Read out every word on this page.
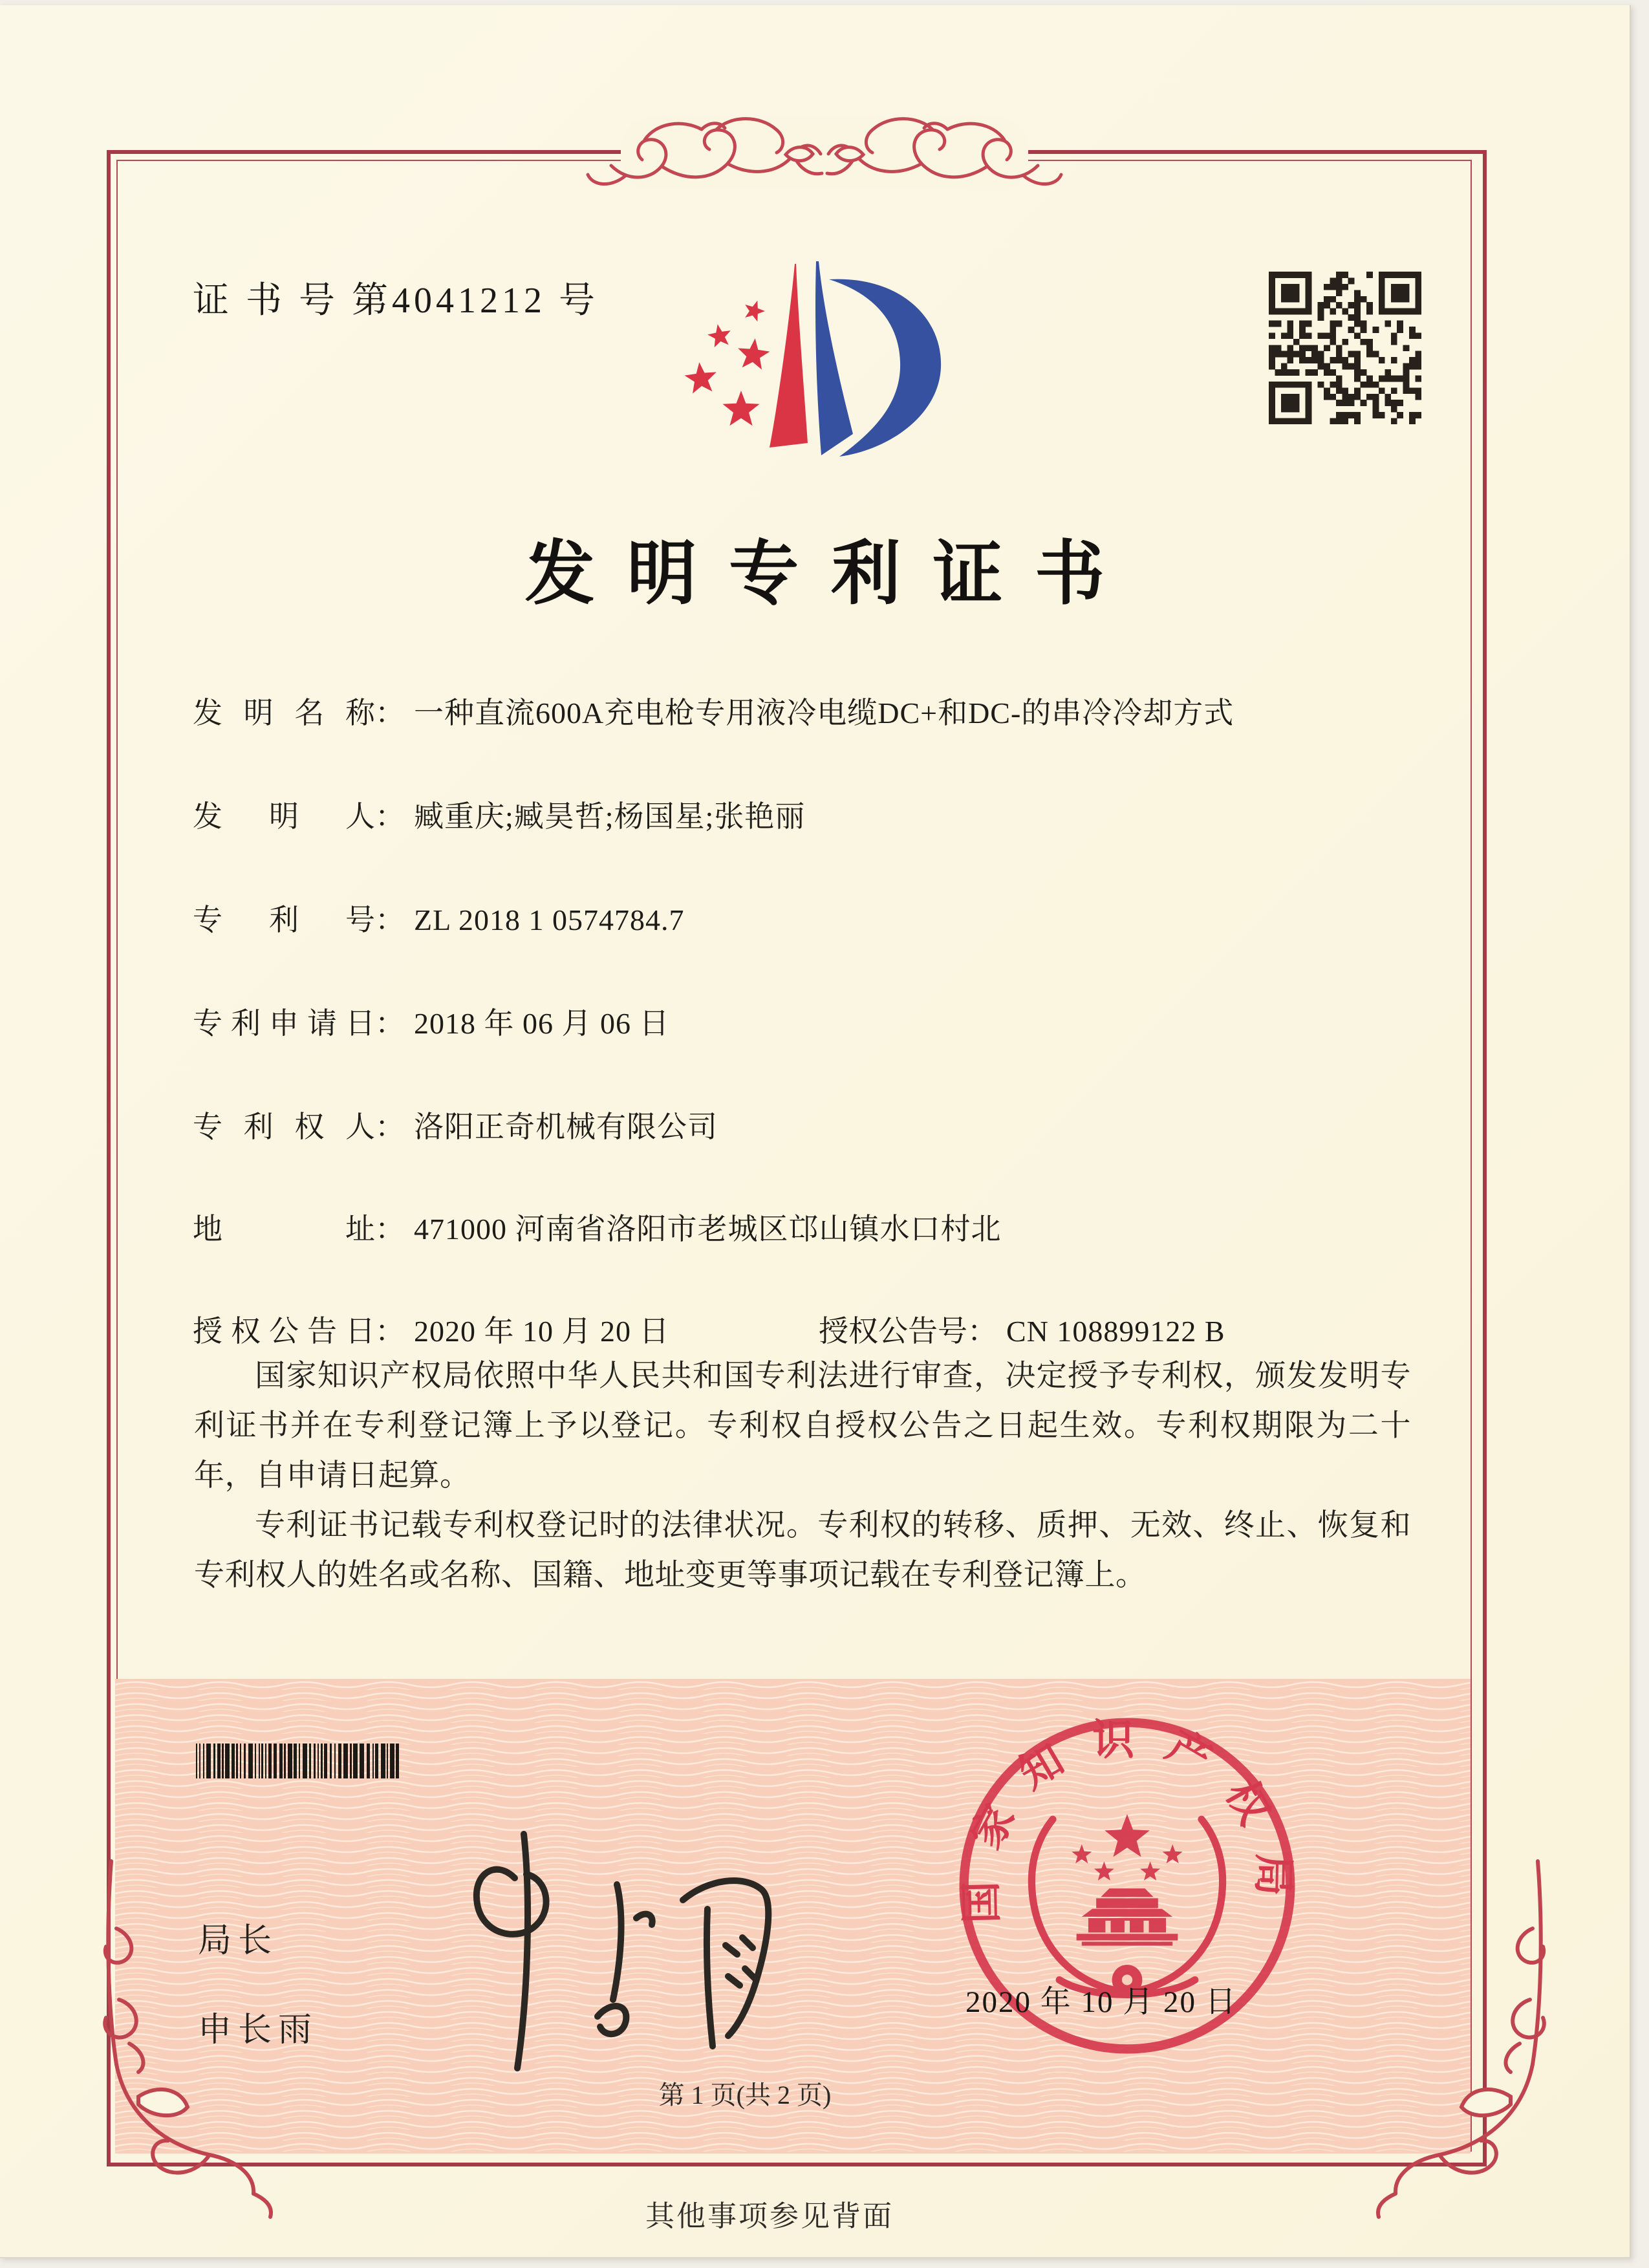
证 书 号 第4041212 号
发明专利证书
发 明 名 称 ： 一种直流600A充电枪专用液冷电缆DC+和DC-的串冷冷却方式
发 明 人 ： 臧重庆;臧昊哲;杨国星;张艳丽
专 利 号 ： ZL 2018 1 0574784.7
专 利 申 请 日 ： 2018 年 06 月 06 日
专 利 权 人 ： 洛阳正奇机械有限公司
地	址 ： 471000 河南省洛阳市老城区邙山镇水口村北
授 权 公 告 日 ： 2020 年 10 月 20 日	授权公告号： CN 108899122 B

国家知识产权局依照中华人民共和国专利法进行审查，决定授予专利权，颁发发明专利证书并在专利登记簿上予以登记。专利权自授权公告之日起生效。专利权期限为二十年，自申请日起算。

专利证书记载专利权登记时的法律状况。专利权的转移、质押、无效、终止、恢复和专利权人的姓名或名称、国籍、地址变更等事项记载在专利登记簿上。

局长
申长雨
国家知识产权局
2020 年 10 月 20 日
第 1 页(共 2 页)
其他事项参见背面
